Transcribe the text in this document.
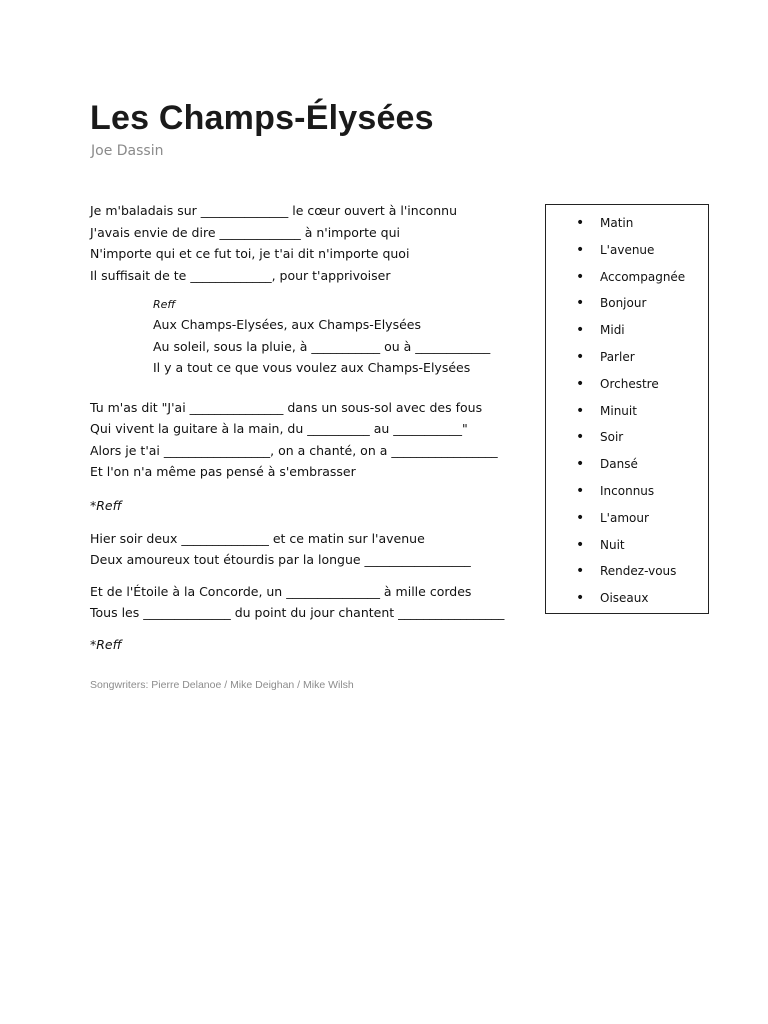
Les Champs-Élysées
Joe Dassin
Je m'baladais sur ______________ le cœur ouvert à l'inconnu
J'avais envie de dire _____________ à n'importe qui
N'importe qui et ce fut toi, je t'ai dit n'importe quoi
Il suffisait de te _____________, pour t'apprivoiser
Reff
Aux Champs-Elysées, aux Champs-Elysées
Au soleil, sous la pluie, à ___________ ou à ____________
Il y a tout ce que vous voulez aux Champs-Elysées
Tu m'as dit "J'ai _______________ dans un sous-sol avec des fous
Qui vivent la guitare à la main, du __________ au ___________"
Alors je t'ai _________________, on a chanté, on a _________________
Et l'on n'a même pas pensé à s'embrasser
*Reff
Hier soir deux ______________ et ce matin sur l'avenue
Deux amoureux tout étourdis par la longue _________________
Et de l'Étoile à la Concorde, un _______________ à mille cordes
Tous les ______________ du point du jour chantent _________________
*Reff
Songwriters: Pierre Delanoe / Mike Deighan / Mike Wilsh
• Matin
• L'avenue
• Accompagnée
• Bonjour
• Midi
• Parler
• Orchestre
• Minuit
• Soir
• Dansé
• Inconnus
• L'amour
• Nuit
• Rendez-vous
• Oiseaux
